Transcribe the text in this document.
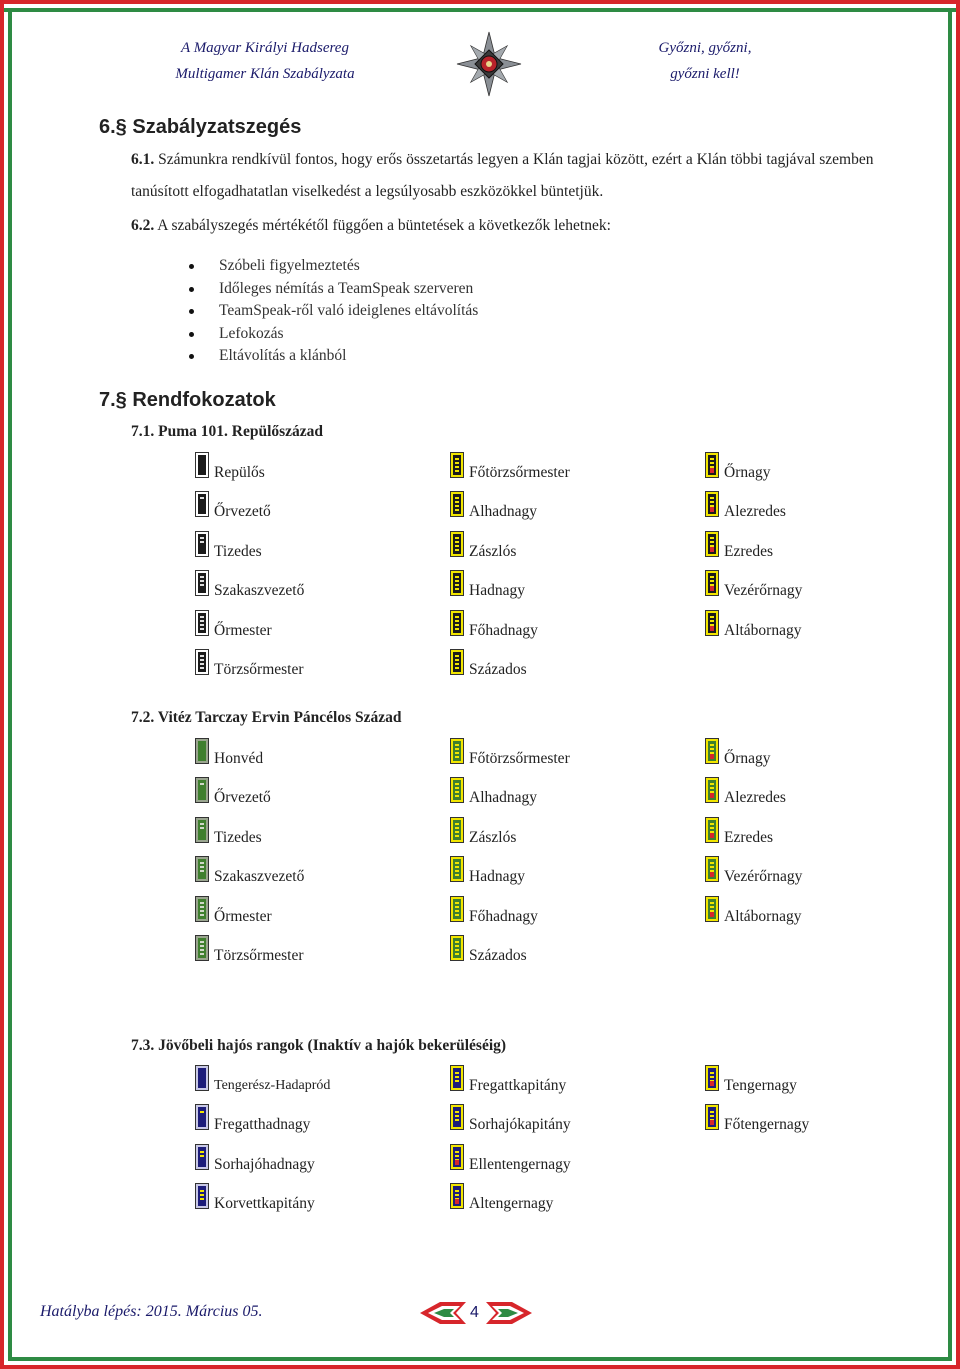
A Magyar Királyi Hadsereg
Multigamer Klán Szabályzata
Győzni, győzni,
győzni kell!
6.§ Szabályzatszegés
6.1. Számunkra rendkívül fontos, hogy erős összetartás legyen a Klán tagjai között, ezért a Klán többi tagjával szemben tanúsított elfogadhatatlan viselkedést a legsúlyosabb eszközökkel büntetjük.
6.2. A szabályszegés mértékétől függően a büntetések a következők lehetnek:
Szóbeli figyelmeztetés
Időleges némítás a TeamSpeak szerveren
TeamSpeak-ről való ideiglenes eltávolítás
Lefokozás
Eltávolítás a klánból
7.§ Rendfokozatok
7.1. Puma 101. Repülőszázad
7.2. Vitéz Tarczay Ervin Páncélos Század
7.3. Jövőbeli hajós rangok (Inaktív a hajók bekerüléséig)
Repülős
Őrvezető
Tizedes
Szakaszvezető
Őrmester
Törzsőrmester
Főtörzsőrmester
Alhadnagy
Zászlós
Hadnagy
Főhadnagy
Százados
Őrnagy
Alezredes
Ezredes
Vezérőrnagy
Altábornagy
Honvéd
Őrvezető
Tizedes
Szakaszvezető
Őrmester
Törzsőrmester
Főtörzsőrmester
Alhadnagy
Zászlós
Hadnagy
Főhadnagy
Százados
Őrnagy
Alezredes
Ezredes
Vezérőrnagy
Altábornagy
Tengerész-Hadapród
Fregatthadnagy
Sorhajóhadnagy
Korvettkapitány
Fregattkapitány
Sorhajókapitány
Ellentengernagy
Altengernagy
Tengernagy
Főtengernagy
Hatályba lépés: 2015. Március 05.	4
